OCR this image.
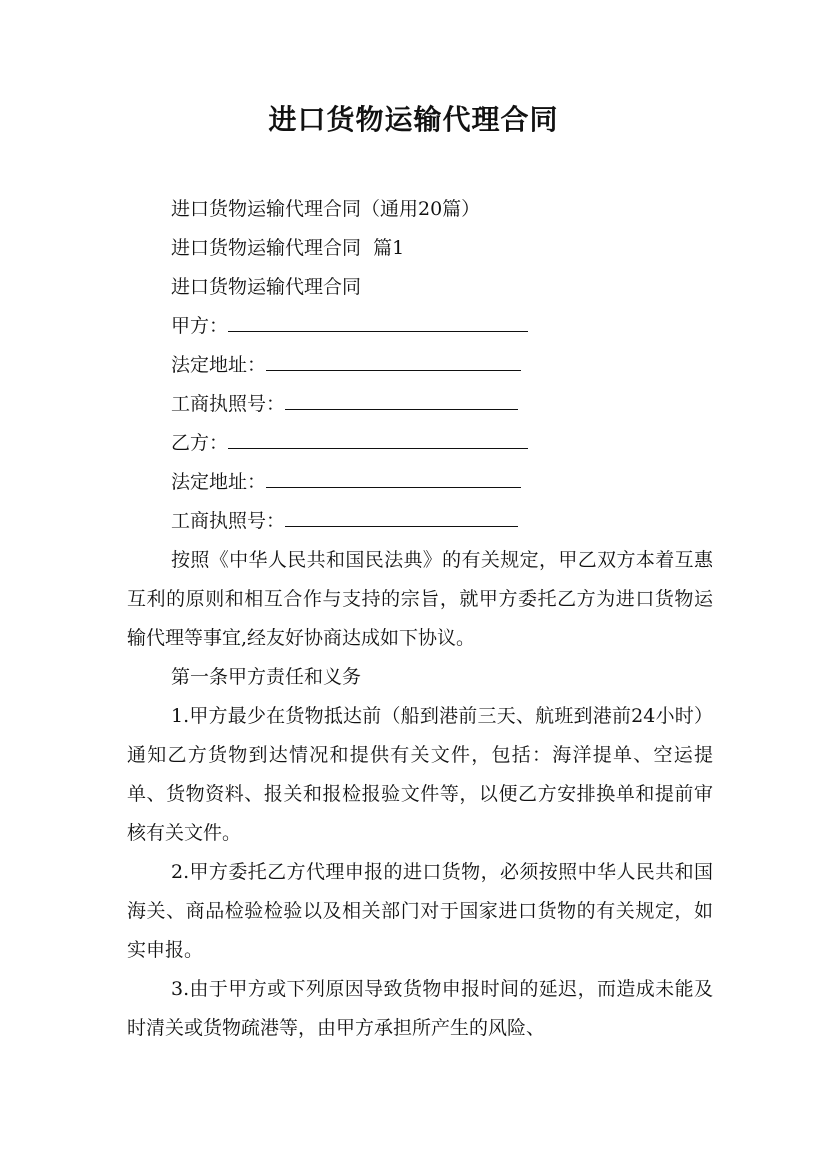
进口货物运输代理合同
进口货物运输代理合同（通用20篇）
进口货物运输代理合同  篇1
进口货物运输代理合同
甲方：
法定地址：
工商执照号：
乙方：
法定地址：
工商执照号：

按照《中华人民共和国民法典》的有关规定，甲乙双方本着互惠互利的原则和相互合作与支持的宗旨，就甲方委托乙方为进口货物运输代理等事宜,经友好协商达成如下协议。

第一条甲方责任和义务

1.甲方最少在货物抵达前（船到港前三天、航班到港前24小时）通知乙方货物到达情况和提供有关文件，包括：海洋提单、空运提单、货物资料、报关和报检报验文件等，以便乙方安排换单和提前审核有关文件。

2.甲方委托乙方代理申报的进口货物，必须按照中华人民共和国海关、商品检验检验以及相关部门对于国家进口货物的有关规定，如实申报。

3.由于甲方或下列原因导致货物申报时间的延迟，而造成未能及时清关或货物疏港等，由甲方承担所产生的风险、
